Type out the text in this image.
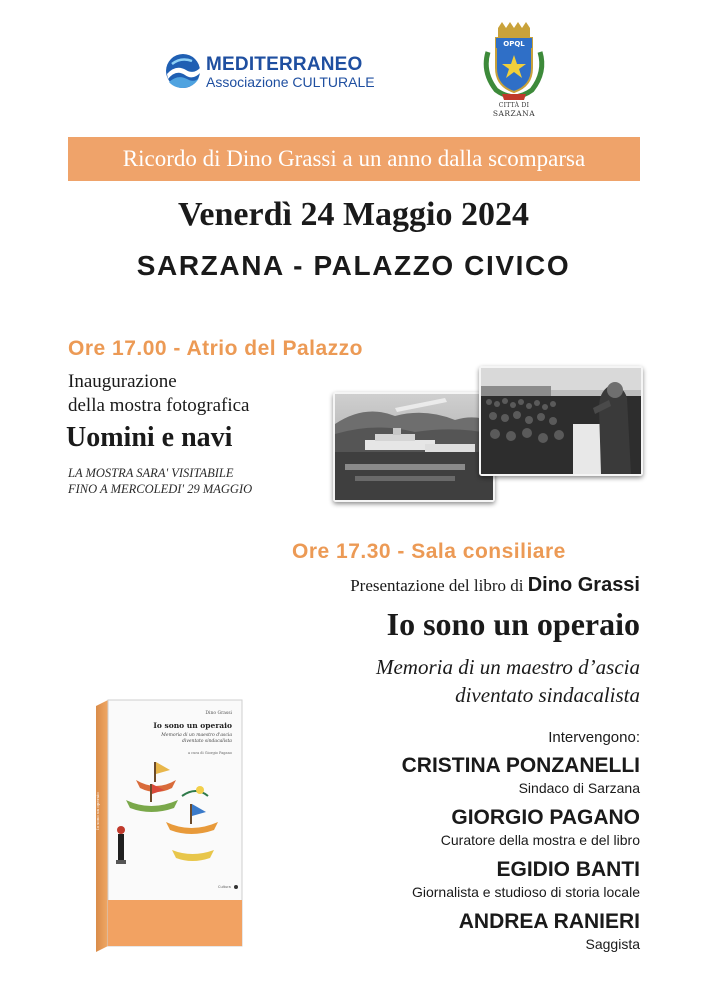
MEDITERRANEO
Associazione CULTURALE
OPQL
CITTÀ DI
SARZANA
Ricordo di Dino Grassi a un anno dalla scomparsa
Venerdì 24 Maggio 2024
SARZANA - PALAZZO CIVICO
Ore 17.00 - Atrio del Palazzo
Inaugurazione
della mostra fotografica
Uomini e navi
LA MOSTRA SARA' VISITABILE
FINO A MERCOLEDI' 29 MAGGIO
Ore 17.30 - Sala consiliare
Presentazione del libro di Dino Grassi
Io sono un operaio
Memoria di un maestro d’ascia
diventato sindacalista
Intervengono:
CRISTINA PONZANELLI
Sindaco di Sarzana
GIORGIO PAGANO
Curatore della mostra e del libro
EGIDIO BANTI
Giornalista e studioso di storia locale
ANDREA RANIERI
Saggista
Io sono un operaio
Dino Grassi
Io sono un operaio
Memoria di un maestro d'ascia
diventato sindacalista
a cura di Giorgio Pagano
Cultura
